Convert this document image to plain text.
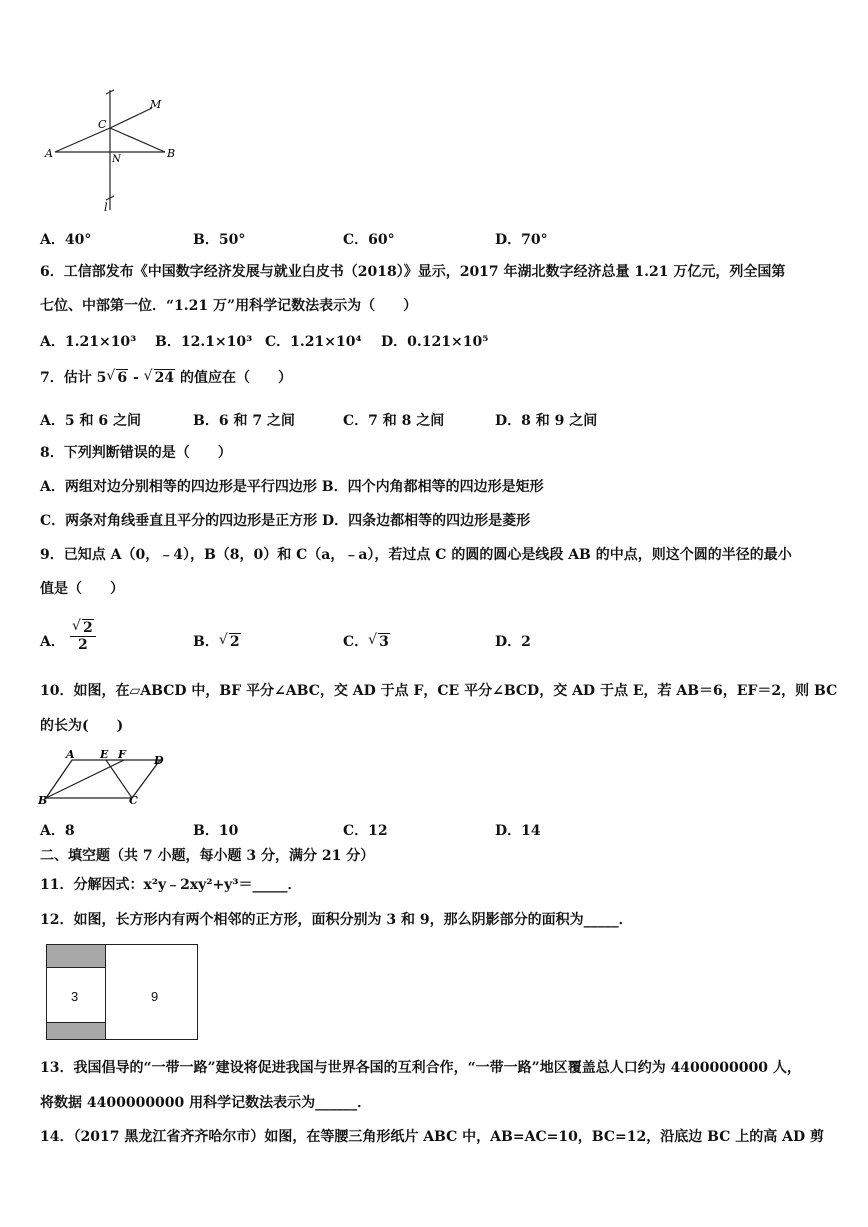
M
C
A	N	B
l
A．40°	B．50°	C．60°	D．70°
6．工信部发布《中国数字经济发展与就业白皮书（2018）》显示，2017 年湖北数字经济总量 1.21 万亿元，列全国第
七位、中部第一位．“1.21 万”用科学记数法表示为（　　）
A．1.21×10³ B．12.1×10³ C．1.21×10⁴ D．0.121×10⁵
7．估计 5 √ 6 - √ 24 的值应在（　　）
A．5 和 6 之间	B．6 和 7 之间	C．7 和 8 之间	D．8 和 9 之间
8．下列判断错误的是（　　）
A．两组对边分别相等的四边形是平行四边形 B．四个内角都相等的四边形是矩形
C．两条对角线垂直且平分的四边形是正方形 D．四条边都相等的四边形是菱形
9．已知点 A（0，﹣4），B（8，0）和 C（a，﹣a），若过点 C 的圆的圆心是线段 AB 的中点，则这个圆的半径的最小
值是（　　）
A．
√ 2
2	B． √ 2	C． √ 3	D．2
10．如图，在▱ABCD 中，BF 平分∠ABC，交 AD 于点 F，CE 平分∠BCD，交 AD 于点 E，若 AB＝6，EF＝2，则 BC
的长为(　　)
A E F	D
B	C
A．8	B．10	C．12	D．14
二、填空题（共 7 小题，每小题 3 分，满分 21 分）
11．分解因式：x²y﹣2xy²+y³＝_____．
12．如图，长方形内有两个相邻的正方形，面积分别为 3 和 9，那么阴影部分的面积为_____．
3	9
13．我国倡导的“一带一路”建设将促进我国与世界各国的互利合作，“一带一路”地区覆盖总人口约为 4400000000 人，
将数据 4400000000 用科学记数法表示为______．
14．（2017 黑龙江省齐齐哈尔市）如图，在等腰三角形纸片 ABC 中，AB=AC=10，BC=12，沿底边 BC 上的高 AD 剪
